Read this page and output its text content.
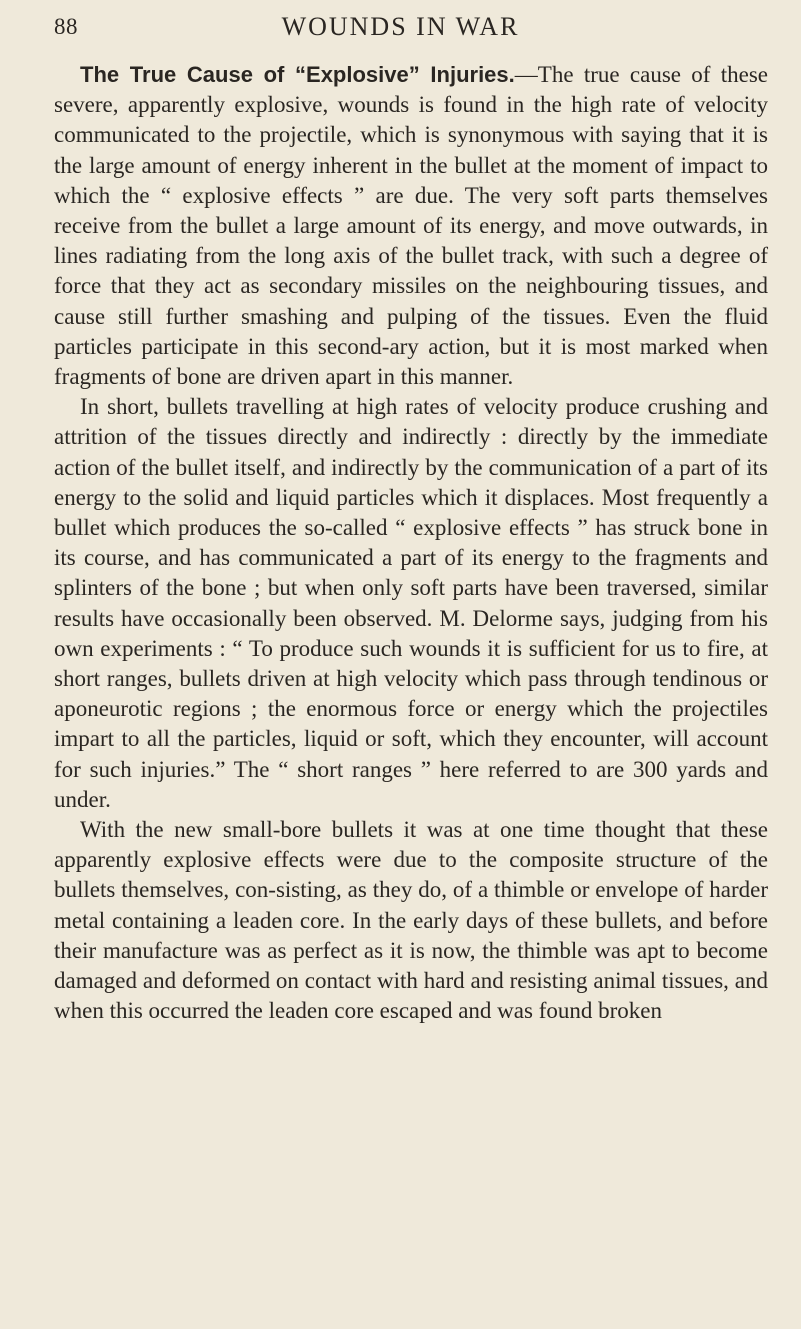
88	WOUNDS IN WAR

The True Cause of “Explosive” Injuries.—The true cause of these severe, apparently explosive, wounds is found in the high rate of velocity communicated to the projectile, which is synonymous with saying that it is the large amount of energy inherent in the bullet at the moment of impact to which the “ explosive effects ” are due. The very soft parts themselves receive from the bullet a large amount of its energy, and move outwards, in lines radiating from the long axis of the bullet track, with such a degree of force that they act as secondary missiles on the neighbouring tissues, and cause still further smashing and pulping of the tissues. Even the fluid particles participate in this second-ary action, but it is most marked when fragments of bone are driven apart in this manner.

In short, bullets travelling at high rates of velocity produce crushing and attrition of the tissues directly and indirectly : directly by the immediate action of the bullet itself, and indirectly by the communication of a part of its energy to the solid and liquid particles which it displaces. Most frequently a bullet which produces the so-called “ explosive effects ” has struck bone in its course, and has communicated a part of its energy to the fragments and splinters of the bone ; but when only soft parts have been traversed, similar results have occasionally been observed. M. Delorme says, judging from his own experiments : “ To produce such wounds it is sufficient for us to fire, at short ranges, bullets driven at high velocity which pass through tendinous or aponeurotic regions ; the enormous force or energy which the projectiles impart to all the particles, liquid or soft, which they encounter, will account for such injuries.” The “ short ranges ” here referred to are 300 yards and under.

With the new small-bore bullets it was at one time thought that these apparently explosive effects were due to the composite structure of the bullets themselves, con-sisting, as they do, of a thimble or envelope of harder metal containing a leaden core. In the early days of these bullets, and before their manufacture was as perfect as it is now, the thimble was apt to become damaged and deformed on contact with hard and resisting animal tissues, and when this occurred the leaden core escaped and was found broken
